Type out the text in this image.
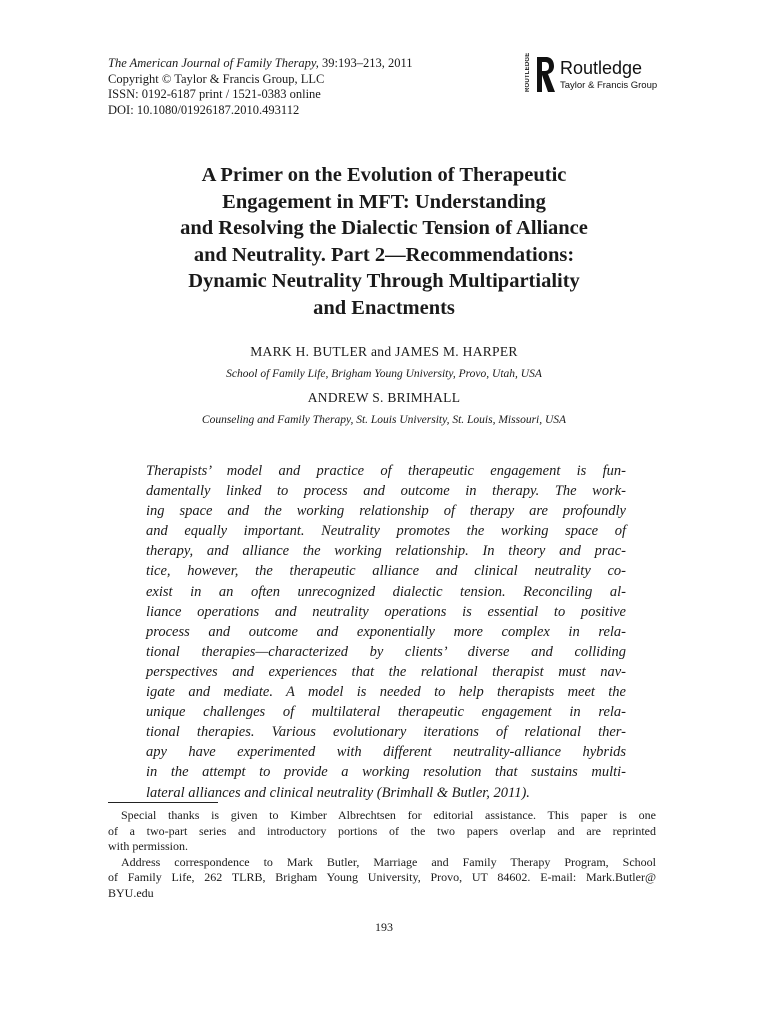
The American Journal of Family Therapy, 39:193–213, 2011
Copyright © Taylor & Francis Group, LLC
ISSN: 0192-6187 print / 1521-0383 online
DOI: 10.1080/01926187.2010.493112
ROUTLEDGE Routledge
Taylor & Francis Group
A Primer on the Evolution of Therapeutic
Engagement in MFT: Understanding
and Resolving the Dialectic Tension of Alliance
and Neutrality. Part 2—Recommendations:
Dynamic Neutrality Through Multipartiality
and Enactments
MARK H. BUTLER and JAMES M. HARPER
School of Family Life, Brigham Young University, Provo, Utah, USA
ANDREW S. BRIMHALL
Counseling and Family Therapy, St. Louis University, St. Louis, Missouri, USA
Therapists’ model and practice of therapeutic engagement is fun-
damentally linked to process and outcome in therapy. The work-
ing space and the working relationship of therapy are profoundly
and equally important. Neutrality promotes the working space of
therapy, and alliance the working relationship. In theory and prac-
tice, however, the therapeutic alliance and clinical neutrality co-
exist in an often unrecognized dialectic tension. Reconciling al-
liance operations and neutrality operations is essential to positive
process and outcome and exponentially more complex in rela-
tional therapies—characterized by clients’ diverse and colliding
perspectives and experiences that the relational therapist must nav-
igate and mediate. A model is needed to help therapists meet the
unique challenges of multilateral therapeutic engagement in rela-
tional therapies. Various evolutionary iterations of relational ther-
apy have experimented with different neutrality-alliance hybrids
in the attempt to provide a working resolution that sustains multi-
lateral alliances and clinical neutrality (Brimhall & Butler, 2011).
Special thanks is given to Kimber Albrechtsen for editorial assistance. This paper is one
of a two-part series and introductory portions of the two papers overlap and are reprinted
with permission.
Address correspondence to Mark Butler, Marriage and Family Therapy Program, School
of Family Life, 262 TLRB, Brigham Young University, Provo, UT 84602. E-mail: Mark.Butler@
BYU.edu
193
